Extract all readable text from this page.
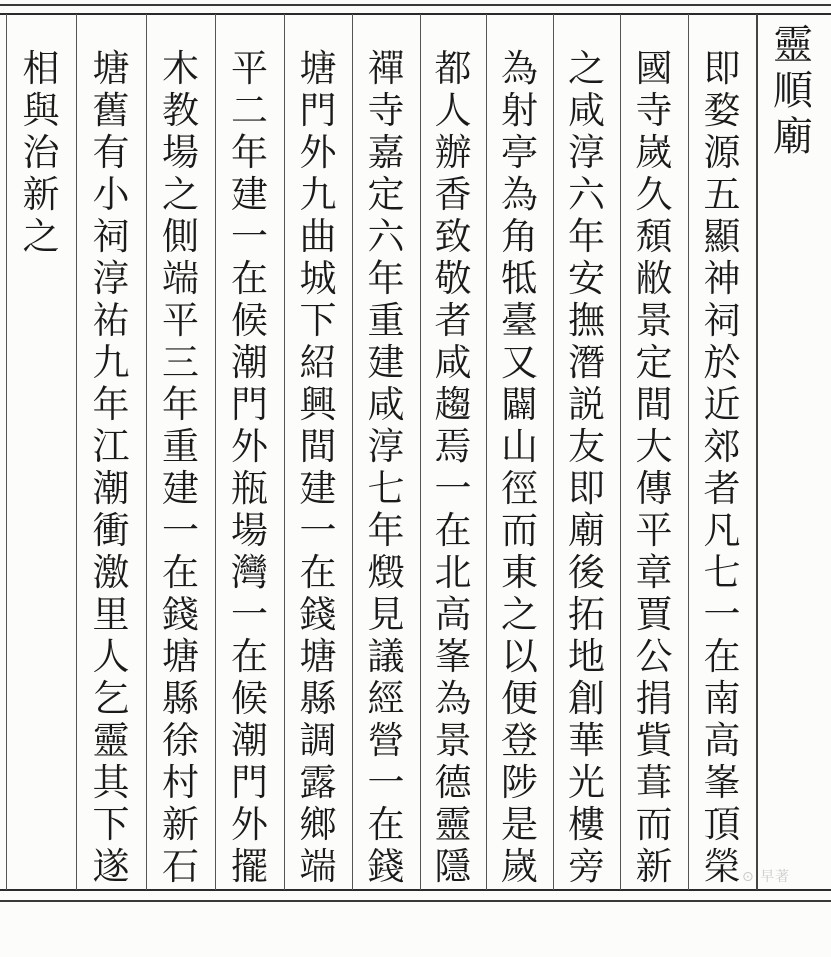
靈
順
廟
即
婺
源
五
顯
神
祠
於
近
郊
者
凡
七
一
在
南
高
峯
頂
榮
國
寺
嵗
久
頹
敝
景
定
間
大
傳
平
章
賈
公
捐
貲
葺
而
新
之
咸
淳
六
年
安
撫
潛
説
友
即
廟
後
拓
地
創
華
光
樓
旁
為
射
亭
為
角
牴
臺
又
闢
山
徑
而
東
之
以
便
登
陟
是
嵗
都
人
辦
香
致
敬
者
咸
趨
焉
一
在
北
高
峯
為
景
德
靈
隱
禪
寺
嘉
定
六
年
重
建
咸
淳
七
年
燬
見
議
經
營
一
在
錢
塘
門
外
九
曲
城
下
紹
興
間
建
一
在
錢
塘
縣
調
露
鄉
端
平
二
年
建
一
在
候
潮
門
外
瓶
場
灣
一
在
候
潮
門
外
擺
木
教
場
之
側
端
平
三
年
重
建
一
在
錢
塘
縣
徐
村
新
石
塘
舊
有
小
祠
淳
祐
九
年
江
潮
衝
激
里
人
乞
靈
其
下
遂
相
與
治
新
之
⊙ 早著
